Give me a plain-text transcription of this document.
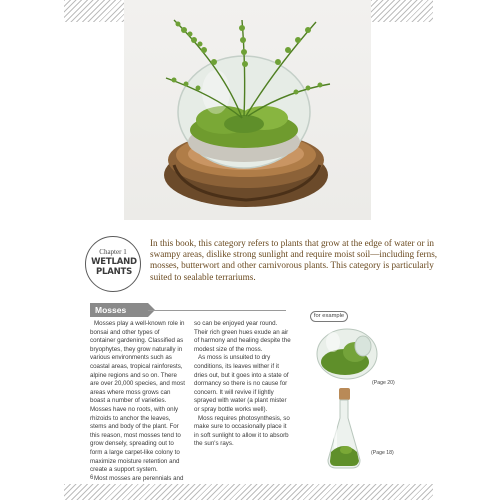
Chapter 1
WETLAND PLANTS
In this book, this category refers to plants that grow at the edge of water or in swampy areas, dislike strong sunlight and require moist soil—including ferns, mosses, butterwort and other carnivorous plants. This category is particularly suited to sealable terrariums.
Mosses

Mosses play a well-known role in bonsai and other types of container gardening. Classified as bryophytes, they grow naturally in various environments such as coastal areas, tropical rainforests, alpine regions and so on. There are over 20,000 species, and most areas where moss grows can boast a number of varieties. Mosses have no roots, with only rhizoids to anchor the leaves, stems and body of the plant. For this reason, most mosses tend to grow densely, spreading out to form a large carpet-like colony to maximize moisture retention and create a support system.

Most mosses are perennials and

so can be enjoyed year round. Their rich green hues exude an air of harmony and healing despite the modest size of the moss.

As moss is unsuited to dry conditions, its leaves wither if it dries out, but it goes into a state of dormancy so there is no cause for concern. It will revive if lightly sprayed with water (a plant mister or spray bottle works well).

Moss requires photosynthesis, so make sure to occasionally place it in soft sunlight to allow it to absorb the sun's rays.

for example
(Page 20)
(Page 18)
6
